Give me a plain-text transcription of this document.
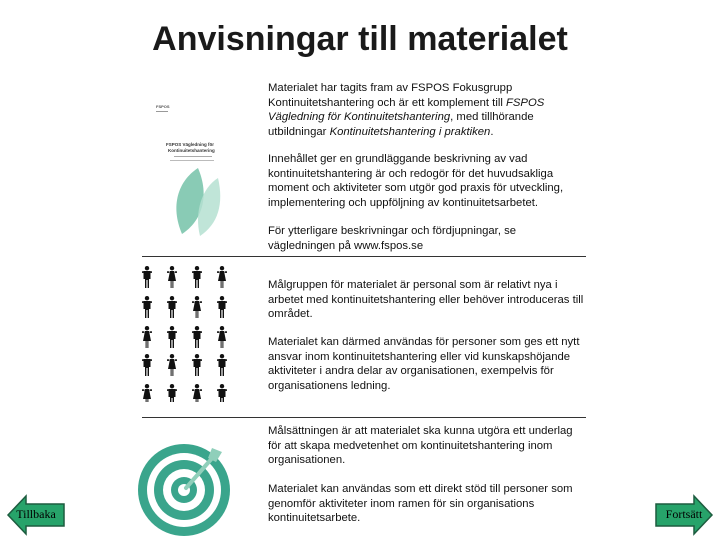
Anvisningar till materialet
FSPOS
FSPOS Vägledning för
Kontinuitetshantering

Materialet har tagits fram av FSPOS Fokusgrupp Kontinuitetshantering och är ett komplement till FSPOS Vägledning för Kontinuitetshantering, med tillhörande utbildningar Kontinuitetshantering i praktiken.

Innehållet ger en grundläggande beskrivning av vad kontinuitetshantering är och redogör för det huvudsakliga moment och aktiviteter som utgör god praxis för utveckling, implementering och uppföljning av kontinuitetsarbetet.

För ytterligare beskrivningar och fördjupningar, se vägledningen på www.fspos.se

Målgruppen för materialet är personal som är relativt nya i arbetet med kontinuitetshantering eller behöver introduceras till området.

Materialet kan därmed användas för personer som ges ett nytt ansvar inom kontinuitetshantering eller vid kunskapshöjande aktiviteter i andra delar av organisationen, exempelvis för organisationens ledning.

Målsättningen är att materialet ska kunna utgöra ett underlag för att skapa medvetenhet om kontinuitetshantering inom organisationen.

Materialet kan användas som ett direkt stöd till personer som genomför aktiviteter inom ramen för sin organisations kontinuitetsarbete.

Tillbaka	Fortsätt
